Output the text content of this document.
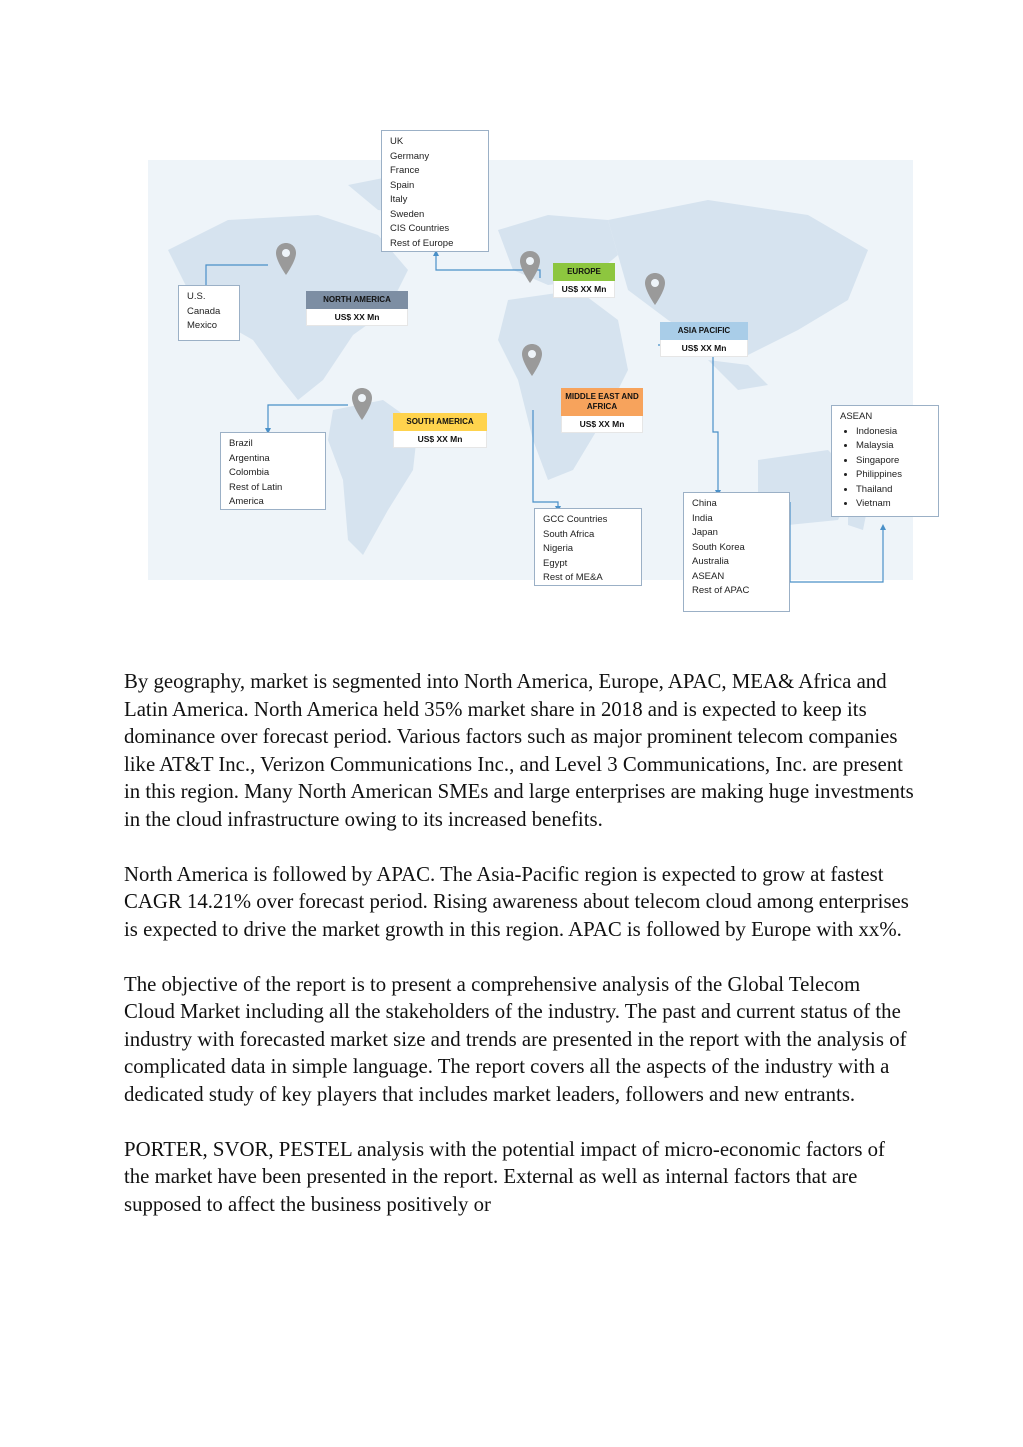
UK
Germany
France
Spain
Italy
Sweden
CIS Countries
Rest of Europe
U.S.
Canada
Mexico
Brazil
Argentina
Colombia
Rest of Latin
America
GCC Countries
South Africa
Nigeria
Egypt
Rest of ME&A
China
India
Japan
South Korea
Australia
ASEAN
Rest of APAC
ASEAN
• Indonesia
• Malaysia
• Singapore
• Philippines
• Thailand
• Vietnam
EUROPE
US$ XX Mn
NORTH AMERICA
US$ XX Mn
ASIA PACIFIC
US$ XX Mn
MIDDLE EAST AND AFRICA
US$ XX Mn
SOUTH AMERICA
US$ XX Mn

By geography, market is segmented into North America, Europe, APAC, MEA& Africa and Latin America. North America held 35% market share in 2018 and is expected to keep its dominance over forecast period. Various factors such as major prominent telecom companies like AT&T Inc., Verizon Communications Inc., and Level 3 Communications, Inc. are present in this region. Many North American SMEs and large enterprises are making huge investments in the cloud infrastructure owing to its increased benefits.

North America is followed by APAC. The Asia-Pacific region is expected to grow at fastest CAGR 14.21% over forecast period. Rising awareness about telecom cloud among enterprises is expected to drive the market growth in this region. APAC is followed by Europe with xx%.

The objective of the report is to present a comprehensive analysis of the Global Telecom Cloud Market including all the stakeholders of the industry. The past and current status of the industry with forecasted market size and trends are presented in the report with the analysis of complicated data in simple language. The report covers all the aspects of the industry with a dedicated study of key players that includes market leaders, followers and new entrants.

PORTER, SVOR, PESTEL analysis with the potential impact of micro-economic factors of the market have been presented in the report. External as well as internal factors that are supposed to affect the business positively or
